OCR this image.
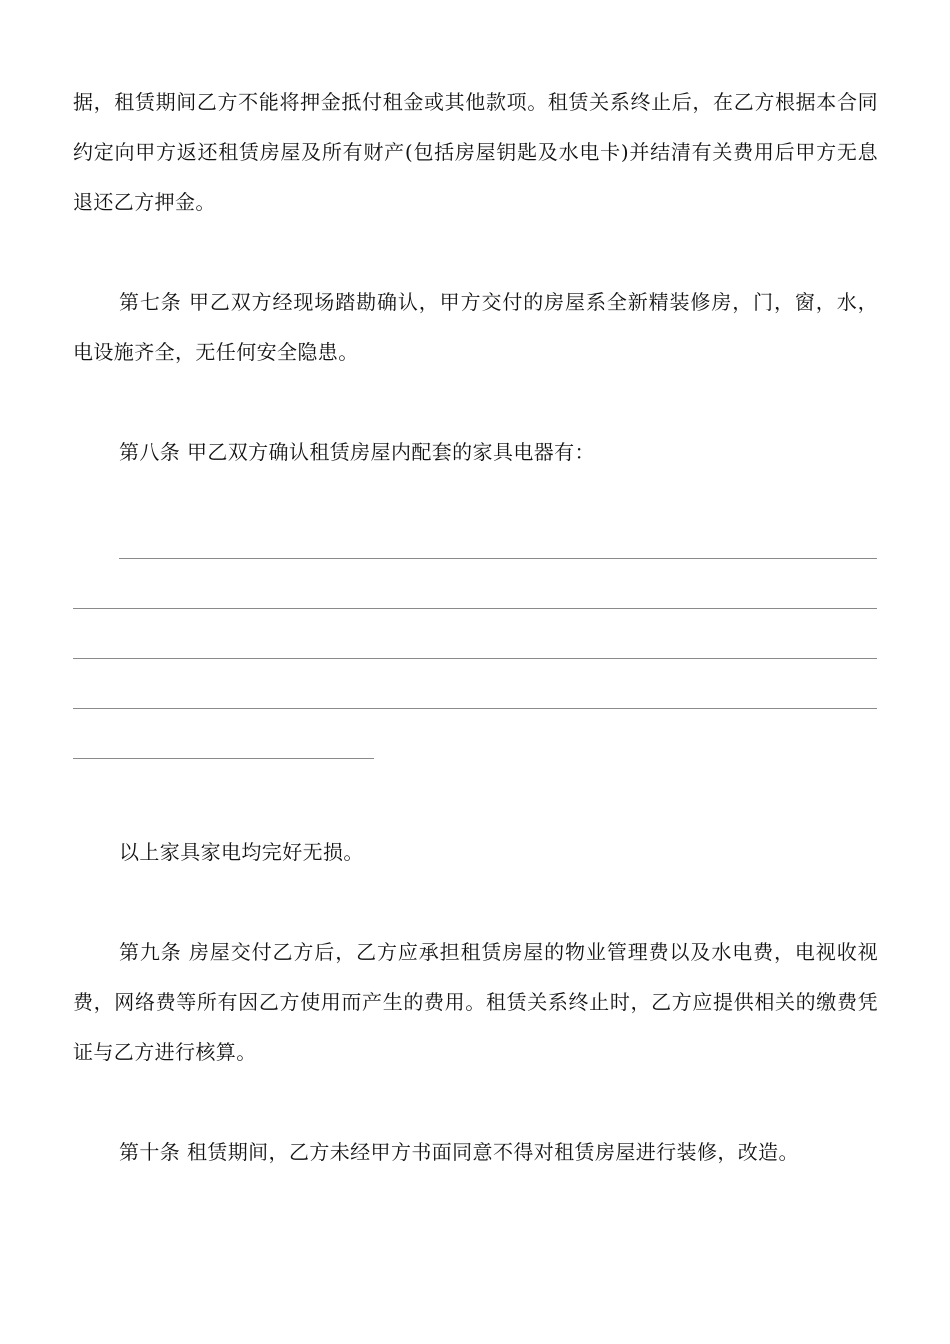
据，租赁期间乙方不能将押金抵付租金或其他款项。租赁关系终止后，在乙方根据本合同约定向甲方返还租赁房屋及所有财产(包括房屋钥匙及水电卡)并结清有关费用后甲方无息退还乙方押金。

第七条 甲乙双方经现场踏勘确认，甲方交付的房屋系全新精装修房，门，窗，水，电设施齐全，无任何安全隐患。

第八条 甲乙双方确认租赁房屋内配套的家具电器有：

以上家具家电均完好无损。

第九条 房屋交付乙方后，乙方应承担租赁房屋的物业管理费以及水电费，电视收视费，网络费等所有因乙方使用而产生的费用。租赁关系终止时，乙方应提供相关的缴费凭证与乙方进行核算。

第十条 租赁期间，乙方未经甲方书面同意不得对租赁房屋进行装修，改造。
